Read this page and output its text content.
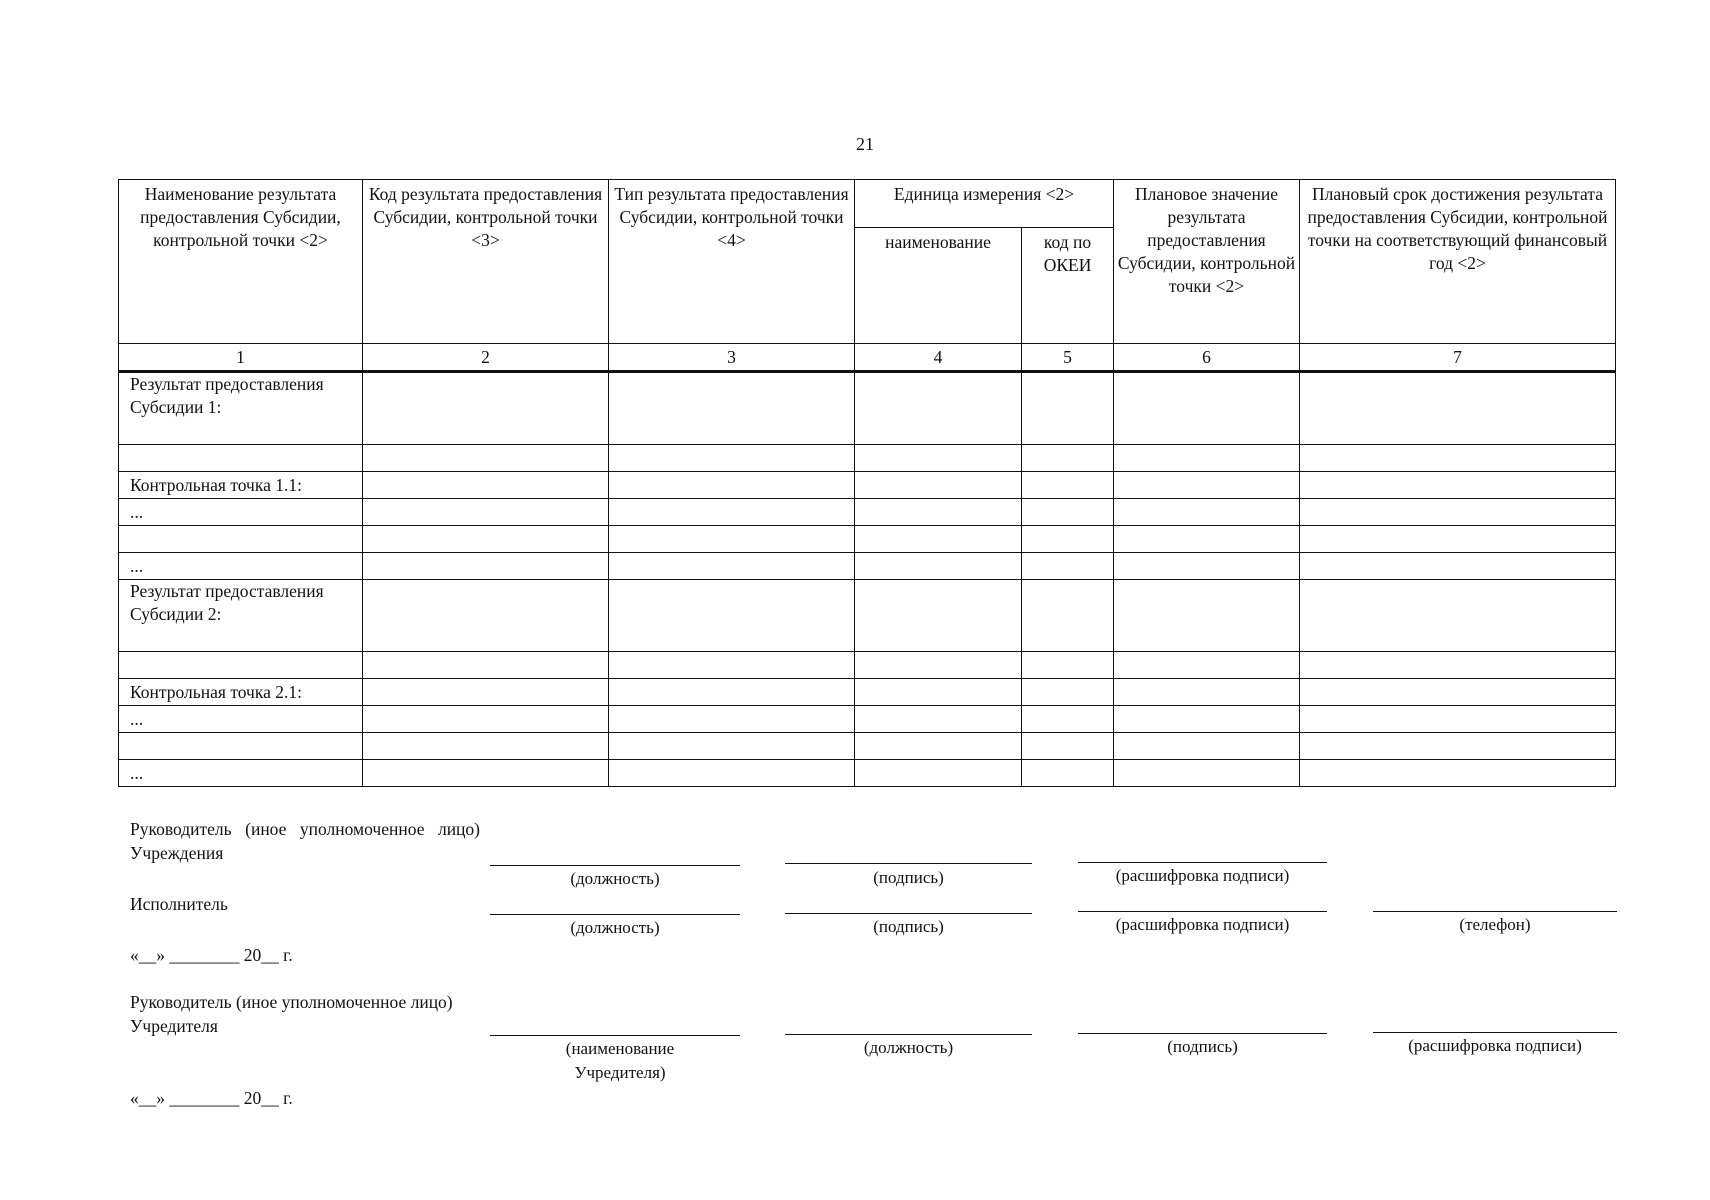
21
Наименование результата предоставления Субсидии, контрольной точки <2>	Код результата предоставления Субсидии, контрольной точки <3>	Тип результата предоставления Субсидии, контрольной точки <4>	Единица измерения <2>		Плановое значение результата предоставления Субсидии, контрольной точки <2>	Плановый срок достижения результата предоставления Субсидии, контрольной точки на соответствующий финансовый год <2>
			наименование	код по ОКЕИ		
1	2	3	4	5	6	7
Результат предоставления Субсидии 1:						

Контрольная точка 1.1:						
...						

...						
Результат предоставления Субсидии 2:						

Контрольная точка 2.1:						
...						

...						
Руководитель (иное уполномоченное лицо) Учреждения
(должность)	(подпись)	(расшифровка подписи)
Исполнитель
(должность)	(подпись)	(расшифровка подписи)	(телефон)
«__» ________ 20__ г.
Руководитель (иное уполномоченное лицо) Учредителя
(наименование Учредителя)
(должность)	(подпись)	(расшифровка подписи)
«__» ________ 20__ г.
